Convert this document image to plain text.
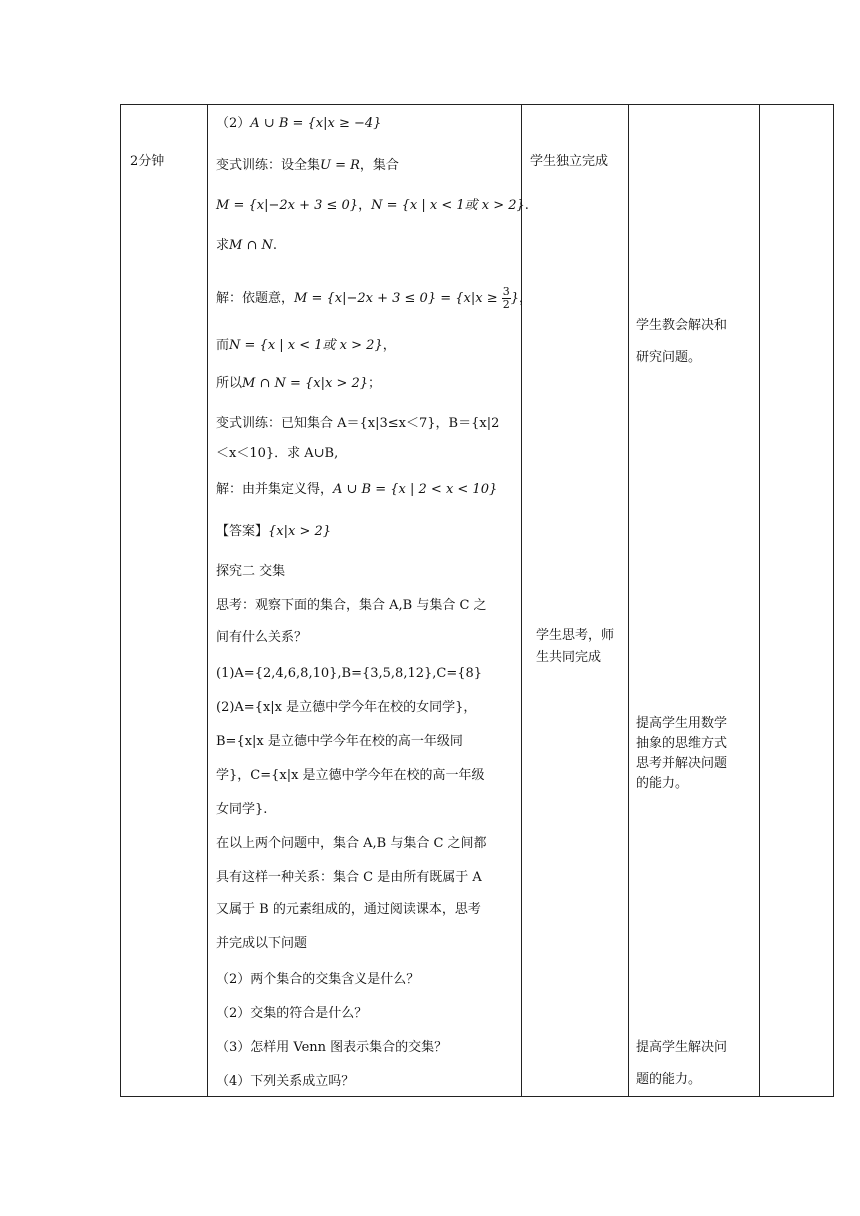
2分钟
（2）A ∪ B = {x|x ≥ −4}
变式训练：设全集U = R，集合
M = {x|−2x + 3 ≤ 0}，N = {x | x < 1或 x > 2}.
求M ∩ N.
解：依题意，$M = \{x|-2x + 3 \le 0\} = \{x|x \ge \frac{3}{2}$ }，
而N = {x | x < 1或 x > 2}，
所以M ∩ N = {x|x > 2}；
变式训练：已知集合 A＝{x|3≤x＜7}，B＝{x|2
＜x＜10}．求 A∪B,
解：由并集定义得，A ∪ B = {x | 2 < x < 10}
【答案】{x|x > 2}
探究二 交集
思考：观察下面的集合，集合 A,B 与集合 C 之
间有什么关系？
(1)A={2,4,6,8,10},B={3,5,8,12},C={8}
(2)A={x|x 是立德中学今年在校的女同学}，
B={x|x 是立德中学今年在校的高一年级同
学}，C={x|x 是立德中学今年在校的高一年级
女同学}.
在以上两个问题中，集合 A,B 与集合 C 之间都
具有这样一种关系：集合 C 是由所有既属于 A
又属于 B 的元素组成的，通过阅读课本，思考
并完成以下问题
（2）两个集合的交集含义是什么？
（2）交集的符合是什么？
（3）怎样用 Venn 图表示集合的交集？
（4）下列关系成立吗？
学生独立完成
学生思考，师
生共同完成
学生教会解决和
研究问题。
提高学生用数学
抽象的思维方式
思考并解决问题
的能力。
提高学生解决问
题的能力。
